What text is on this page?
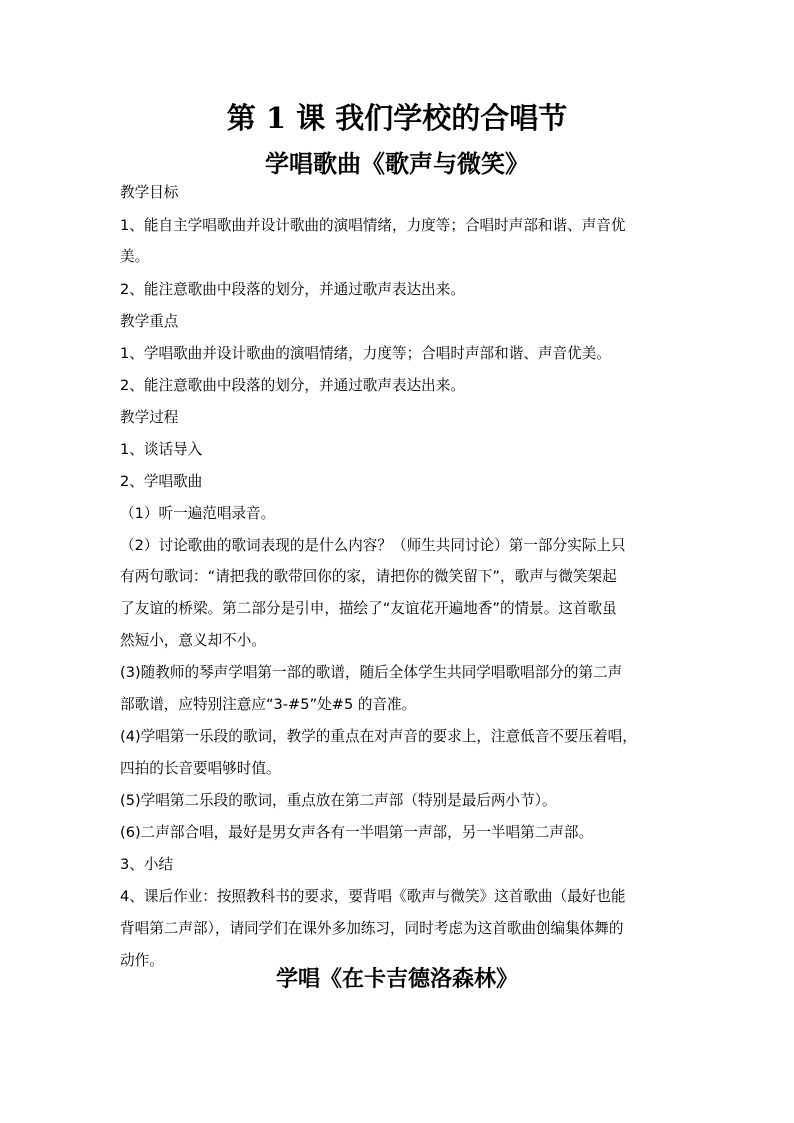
第 1 课 我们学校的合唱节
学唱歌曲《歌声与微笑》
教学目标
1、能自主学唱歌曲并设计歌曲的演唱情绪，力度等；合唱时声部和谐、声音优
美。
2、能注意歌曲中段落的划分，并通过歌声表达出来。
教学重点
1、学唱歌曲并设计歌曲的演唱情绪，力度等；合唱时声部和谐、声音优美。
2、能注意歌曲中段落的划分，并通过歌声表达出来。
教学过程
1、谈话导入
2、学唱歌曲
（1）听一遍范唱录音。
（2）讨论歌曲的歌词表现的是什么内容？（师生共同讨论）第一部分实际上只
有两句歌词：“请把我的歌带回你的家，请把你的微笑留下”，歌声与微笑架起
了友谊的桥梁。第二部分是引申，描绘了“友谊花开遍地香”的情景。这首歌虽
然短小，意义却不小。
(3)随教师的琴声学唱第一部的歌谱，随后全体学生共同学唱歌唱部分的第二声
部歌谱，应特别注意应“3-#5”处#5 的音准。
(4)学唱第一乐段的歌词，教学的重点在对声音的要求上，注意低音不要压着唱，
四拍的长音要唱够时值。
(5)学唱第二乐段的歌词，重点放在第二声部（特别是最后两小节）。
(6)二声部合唱，最好是男女声各有一半唱第一声部，另一半唱第二声部。
3、小结
4、课后作业：按照教科书的要求，要背唱《歌声与微笑》这首歌曲（最好也能
背唱第二声部），请同学们在课外多加练习，同时考虑为这首歌曲创编集体舞的
动作。
学唱《在卡吉德洛森林》
